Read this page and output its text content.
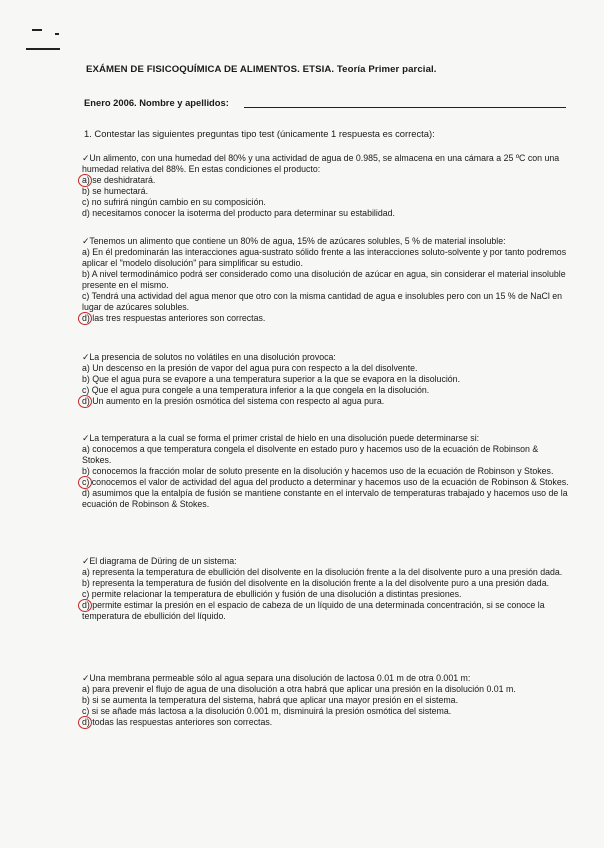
EXÁMEN DE FISICOQUÍMICA DE ALIMENTOS. ETSIA. Teoría Primer parcial.
Enero 2006. Nombre y apellidos:
1. Contestar las siguientes preguntas tipo test (únicamente 1 respuesta es correcta):

✓Un alimento, con una humedad del 80% y una actividad de agua de 0.985, se almacena en una cámara a 25 ºC con una humedad relativa del 88%. En estas condiciones el producto:

a) se deshidratará.

b) se humectará.

c) no sufrirá ningún cambio en su composición.

d) necesitamos conocer la isoterma del producto para determinar su estabilidad.

✓Tenemos un alimento que contiene un 80% de agua, 15% de azúcares solubles, 5 % de material insoluble:

a) En él predominarán las interacciones agua-sustrato sólido frente a las interacciones soluto-solvente y por tanto podremos aplicar el "modelo disolución" para simplificar su estudio.

b) A nivel termodinámico podrá ser considerado como una disolución de azúcar en agua, sin considerar el material insoluble presente en el mismo.

c) Tendrá una actividad del agua menor que otro con la misma cantidad de agua e insolubles pero con un 15 % de NaCl en lugar de azúcares solubles.

d) las tres respuestas anteriores son correctas.

✓La presencia de solutos no volátiles en una disolución provoca:

a) Un descenso en la presión de vapor del agua pura con respecto a la del disolvente.

b) Que el agua pura se evapore a una temperatura superior a la que se evapora en la disolución.

c) Que el agua pura congele a una temperatura inferior a la que congela en la disolución.

d) Un aumento en la presión osmótica del sistema con respecto al agua pura.

✓La temperatura a la cual se forma el primer cristal de hielo en una disolución puede determinarse si:

a) conocemos a que temperatura congela el disolvente en estado puro y hacemos uso de la ecuación de Robinson & Stokes.

b) conocemos la fracción molar de soluto presente en la disolución y hacemos uso de la ecuación de Robinson y Stokes.

c) conocemos el valor de actividad del agua del producto a determinar y hacemos uso de la ecuación de Robinson & Stokes.

d) asumimos que la entalpía de fusión se mantiene constante en el intervalo de temperaturas trabajado y hacemos uso de la ecuación de Robinson & Stokes.

✓El diagrama de Düring de un sistema:

a) representa la temperatura de ebullición del disolvente en la disolución frente a la del disolvente puro a una presión dada.

b) representa la temperatura de fusión del disolvente en la disolución frente a la del disolvente puro a una presión dada.

c) permite relacionar la temperatura de ebullición y fusión de una disolución a distintas presiones.

d) permite estimar la presión en el espacio de cabeza de un líquido de una determinada concentración, si se conoce la temperatura de ebullición del líquido.

✓Una membrana permeable sólo al agua separa una disolución de lactosa 0.01 m de otra 0.001 m:

a) para prevenir el flujo de agua de una disolución a otra habrá que aplicar una presión en la disolución 0.01 m.

b) si se aumenta la temperatura del sistema, habrá que aplicar una mayor presión en el sistema.

c) si se añade más lactosa a la disolución 0.001 m, disminuirá la presión osmótica del sistema.

d) todas las respuestas anteriores son correctas.
